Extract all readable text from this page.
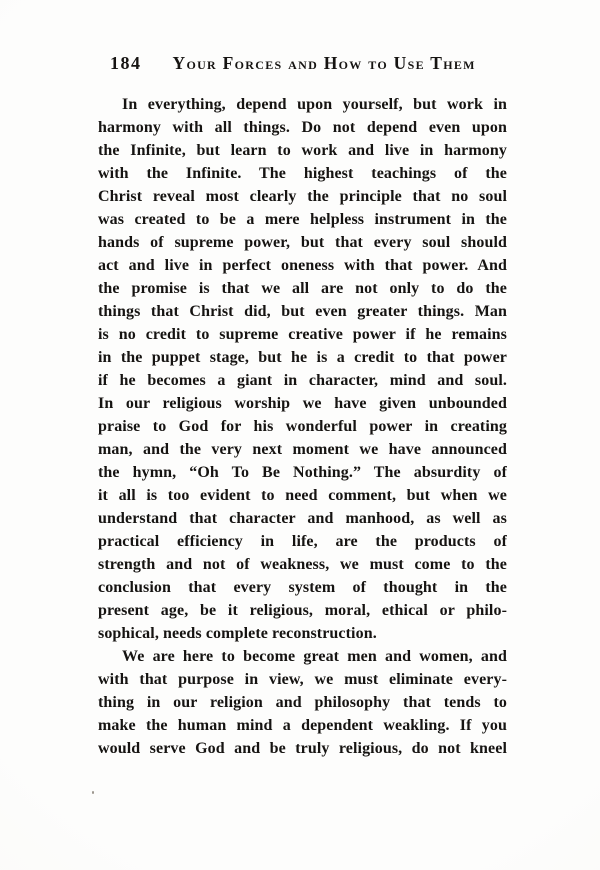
184 Your Forces and How to Use Them
In everything, depend upon yourself, but work in
harmony with all things. Do not depend even upon
the Infinite, but learn to work and live in harmony
with the Infinite. The highest teachings of the
Christ reveal most clearly the principle that no soul
was created to be a mere helpless instrument in the
hands of supreme power, but that every soul should
act and live in perfect oneness with that power. And
the promise is that we all are not only to do the
things that Christ did, but even greater things. Man
is no credit to supreme creative power if he remains
in the puppet stage, but he is a credit to that power
if he becomes a giant in character, mind and soul.
In our religious worship we have given unbounded
praise to God for his wonderful power in creating
man, and the very next moment we have announced
the hymn, “Oh To Be Nothing.” The absurdity of
it all is too evident to need comment, but when we
understand that character and manhood, as well as
practical efficiency in life, are the products of
strength and not of weakness, we must come to the
conclusion that every system of thought in the
present age, be it religious, moral, ethical or philo-
sophical, needs complete reconstruction.
We are here to become great men and women, and
with that purpose in view, we must eliminate every-
thing in our religion and philosophy that tends to
make the human mind a dependent weakling. If you
would serve God and be truly religious, do not kneel
